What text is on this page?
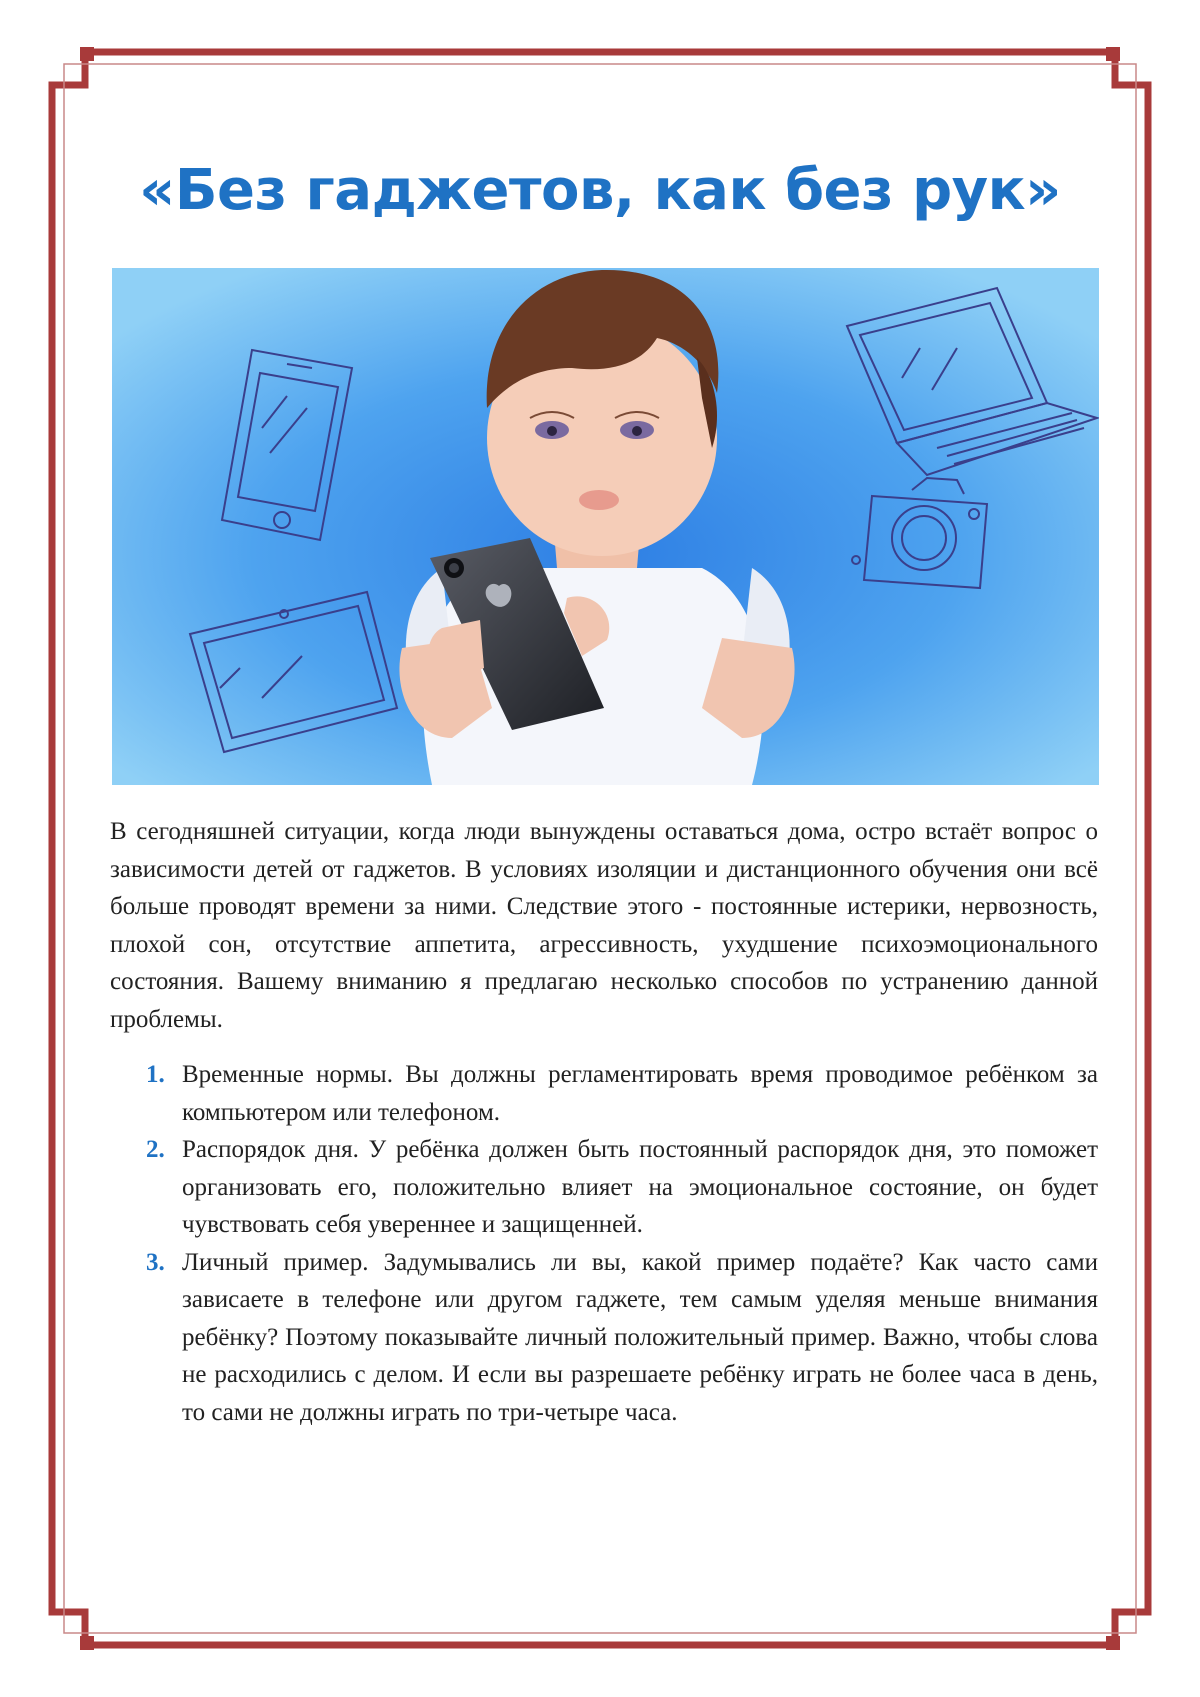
«Без гаджетов, как без рук»

В сегодняшней ситуации, когда люди вынуждены оставаться дома, остро встаёт вопрос о зависимости детей от гаджетов. В условиях изоляции и дистанционного обучения они всё больше проводят времени за ними. Следствие этого - постоянные истерики, нервозность, плохой сон, отсутствие аппетита, агрессивность, ухудшение психоэмоционального состояния. Вашему вниманию я предлагаю несколько способов по устранению данной проблемы.

1. Временные нормы. Вы должны регламентировать время проводимое ребёнком за компьютером или телефоном.
2. Распорядок дня. У ребёнка должен быть постоянный распорядок дня, это поможет организовать его, положительно влияет на эмоциональное состояние, он будет чувствовать себя увереннее и защищенней.
3. Личный пример. Задумывались ли вы, какой пример подаёте? Как часто сами зависаете в телефоне или другом гаджете, тем самым уделяя меньше внимания ребёнку? Поэтому показывайте личный положительный пример. Важно, чтобы слова не расходились с делом. И если вы разрешаете ребёнку играть не более часа в день, то сами не должны играть по три-четыре часа.
